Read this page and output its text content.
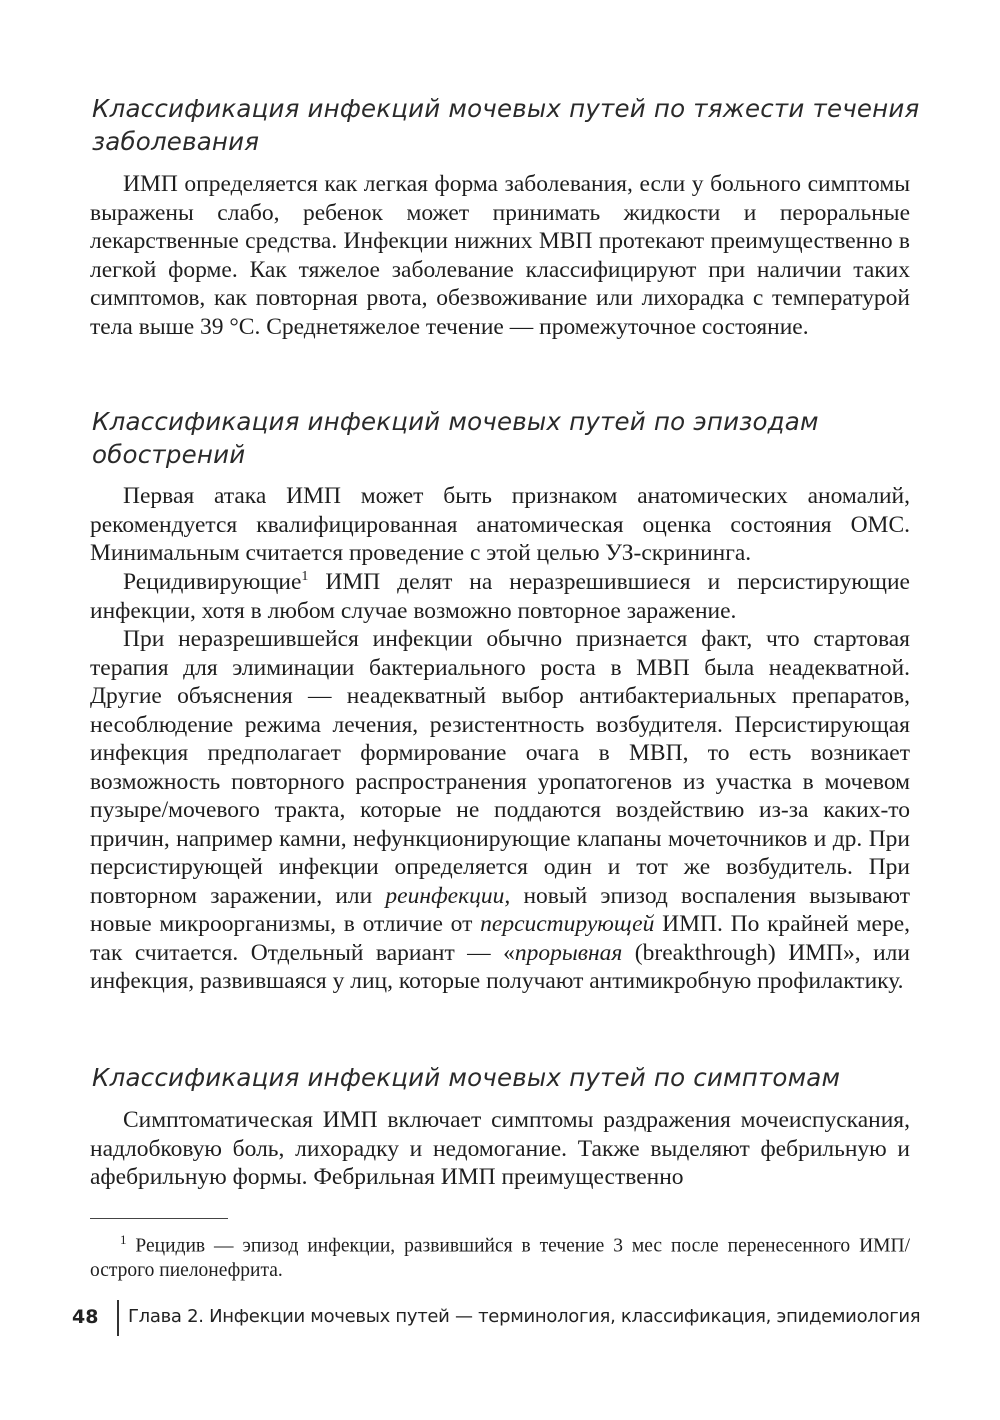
Классификация инфекций мочевых путей по тяжести течения заболевания

ИМП определяется как легкая форма заболевания, если у больного симптомы выражены слабо, ребенок может принимать жидкости и пероральные лекарственные средства. Инфекции нижних МВП протекают преимущественно в легкой форме. Как тяжелое заболевание классифицируют при наличии таких симптомов, как повторная рвота, обезвоживание или лихорадка с температурой тела выше 39 °C. Среднетяжелое течение — промежуточное состояние.

Классификация инфекций мочевых путей по эпизодам обострений

Первая атака ИМП может быть признаком анатомических аномалий, рекомендуется квалифицированная анатомическая оценка состояния ОМС. Минимальным считается проведение с этой целью УЗ-скрининга.

Рецидивирующие$^1$ ИМП делят на неразрешившиеся и персистирующие инфекции, хотя в любом случае возможно повторное заражение.

При неразрешившейся инфекции обычно признается факт, что стартовая терапия для элиминации бактериального роста в МВП была неадекватной. Другие объяснения — неадекватный выбор антибактериальных препаратов, несоблюдение режима лечения, резистентность возбудителя. Персистирующая инфекция предполагает формирование очага в МВП, то есть возникает возможность повторного распространения уропатогенов из участка в мочевом пузыре/мочевого тракта, которые не поддаются воздействию из-за каких-то причин, например камни, нефункционирующие клапаны мочеточников и др. При персистирующей инфекции определяется один и тот же возбудитель. При повторном заражении, или реинфекции, новый эпизод воспаления вызывают новые микроорганизмы, в отличие от персистирующей ИМП. По крайней мере, так считается. Отдельный вариант — «прорывная (breakthrough) ИМП», или инфекция, развившаяся у лиц, которые получают антимикробную профилактику.

Классификация инфекций мочевых путей по симптомам

Симптоматическая ИМП включает симптомы раздражения мочеиспускания, надлобковую боль, лихорадку и недомогание. Также выделяют фебрильную и афебрильную формы. Фебрильная ИМП преимущественно

$^1$ Рецидив — эпизод инфекции, развившийся в течение 3 мес после перенесенного ИМП/острого пиелонефрита.

48 Глава 2. Инфекции мочевых путей — терминология, классификация, эпидемиология
